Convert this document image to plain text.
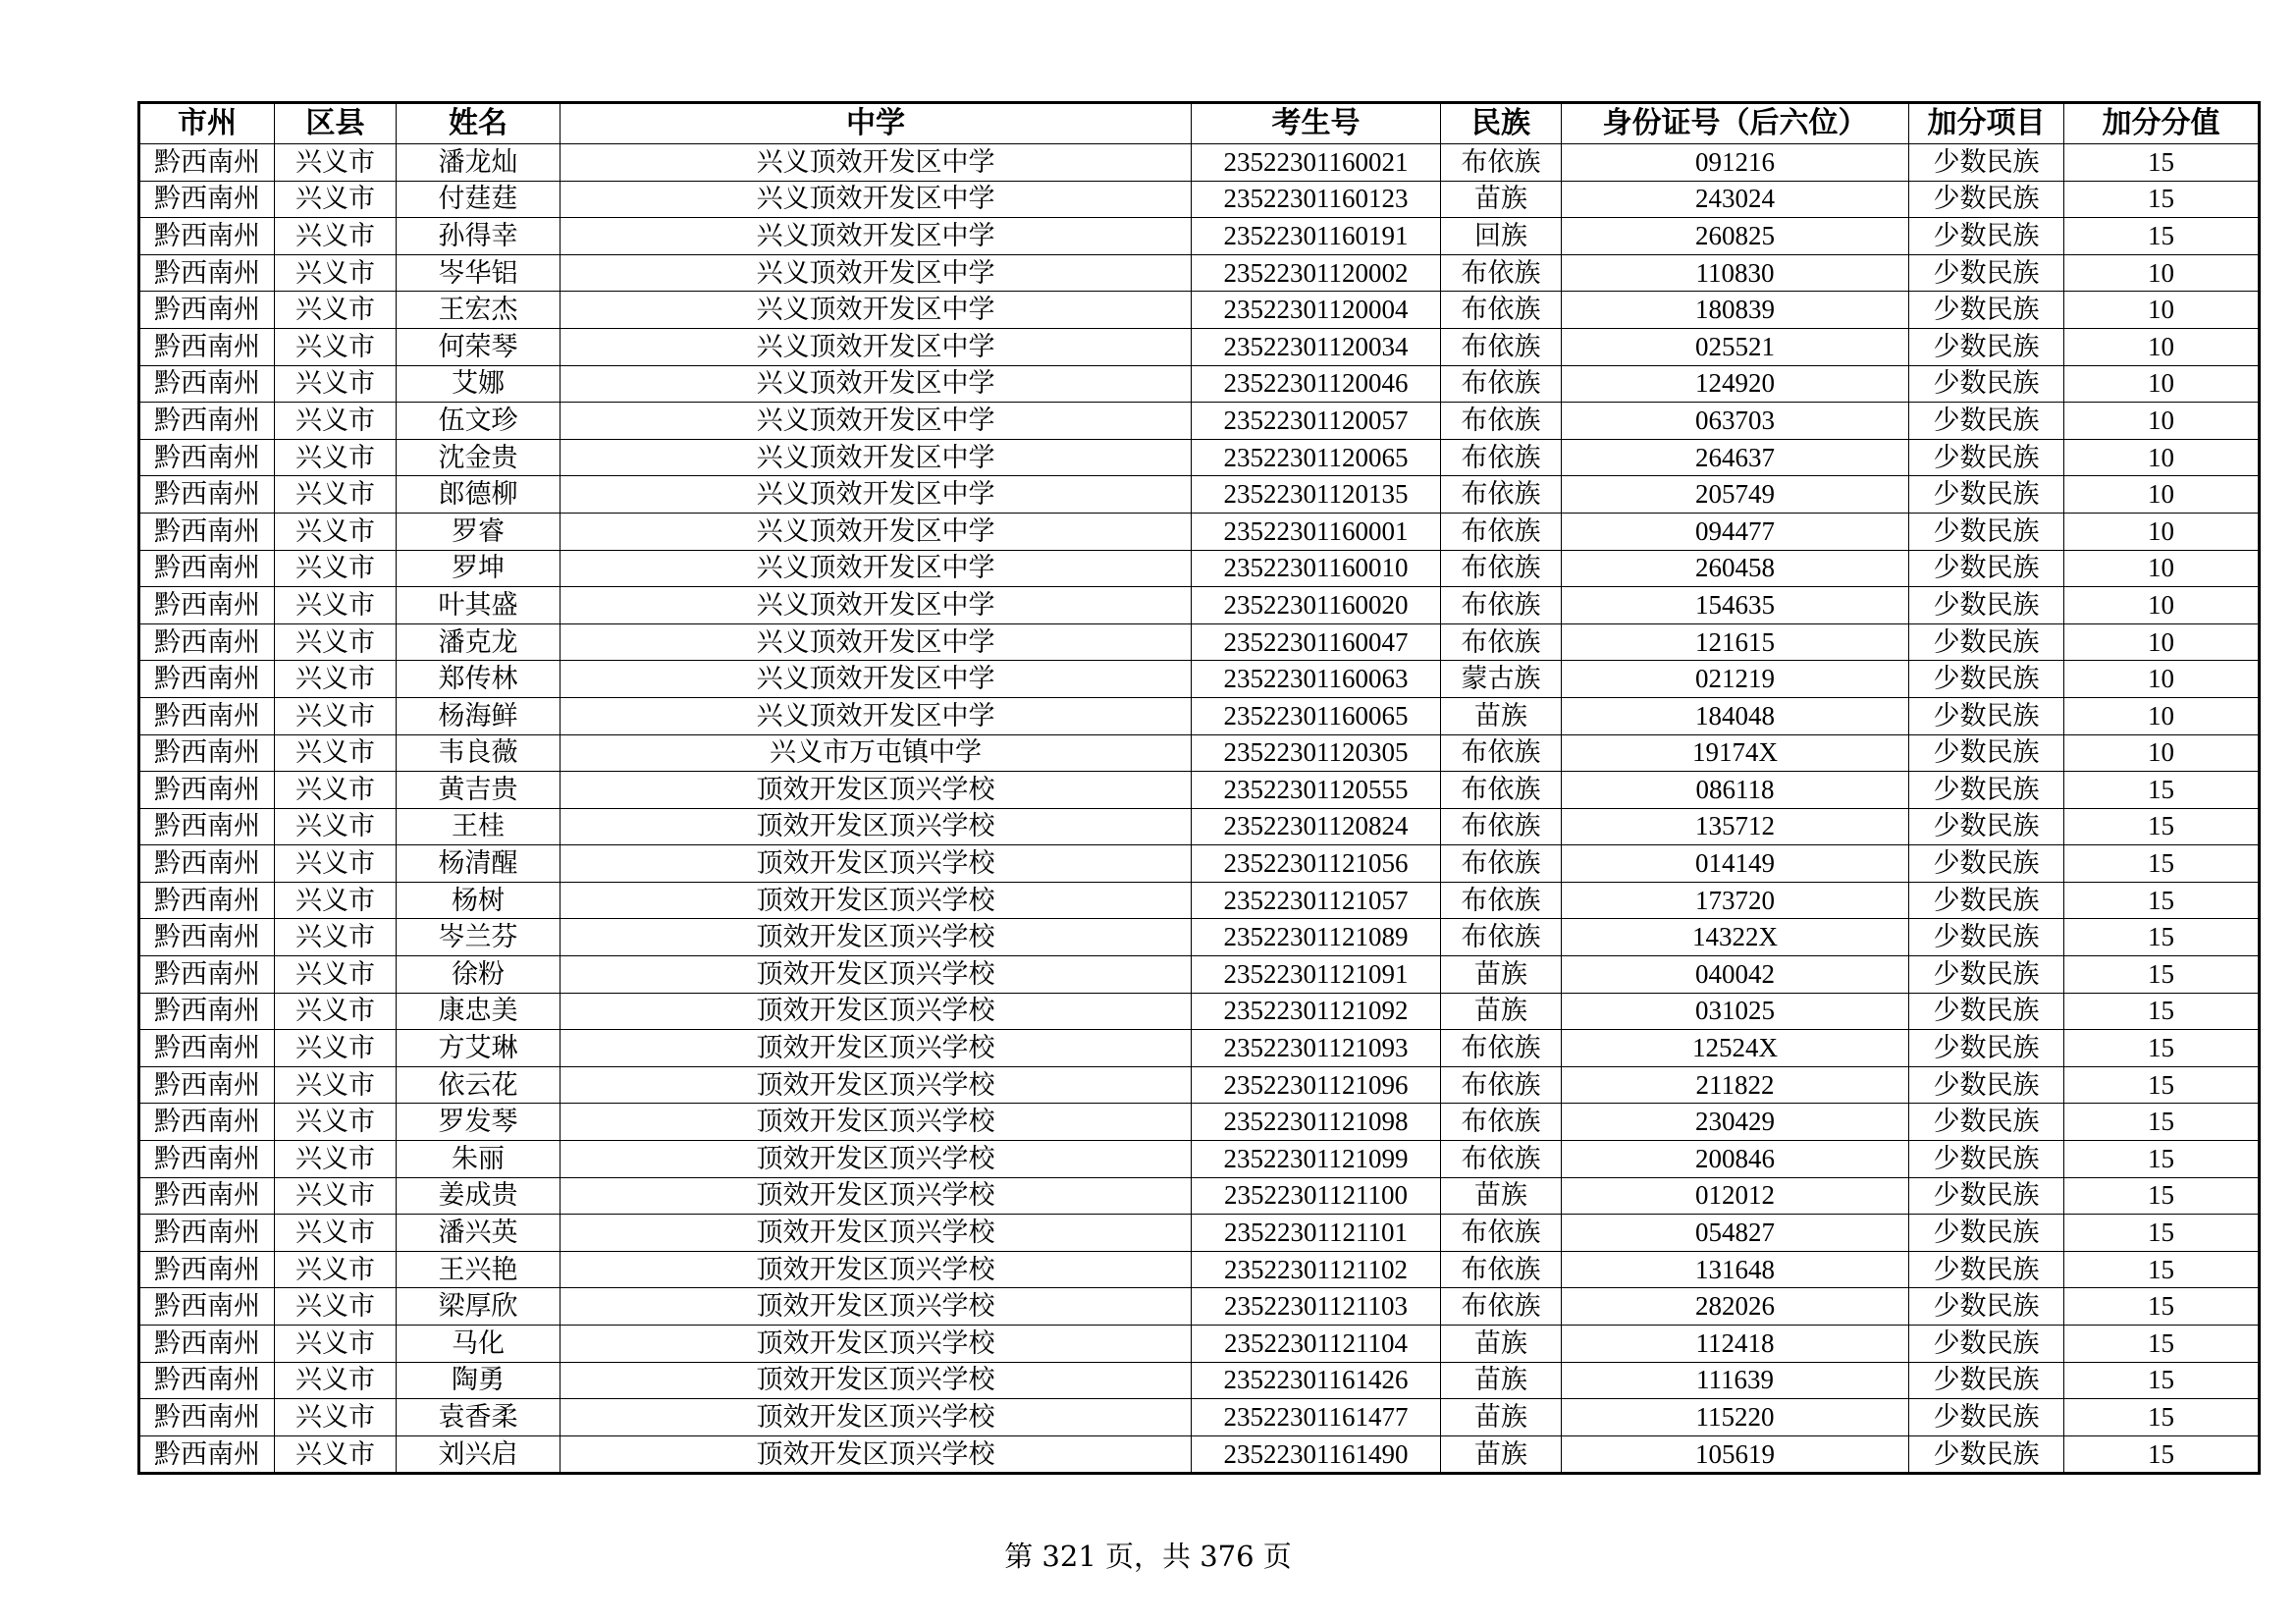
市州	区县	姓名	中学	考生号	民族	身份证号（后六位）	加分项目	加分分值
黔西南州	兴义市	潘龙灿	兴义顶效开发区中学	23522301160021	布依族	091216	少数民族	15
黔西南州	兴义市	付莛莛	兴义顶效开发区中学	23522301160123	苗族	243024	少数民族	15
黔西南州	兴义市	孙得幸	兴义顶效开发区中学	23522301160191	回族	260825	少数民族	15
黔西南州	兴义市	岑华铝	兴义顶效开发区中学	23522301120002	布依族	110830	少数民族	10
黔西南州	兴义市	王宏杰	兴义顶效开发区中学	23522301120004	布依族	180839	少数民族	10
黔西南州	兴义市	何荣琴	兴义顶效开发区中学	23522301120034	布依族	025521	少数民族	10
黔西南州	兴义市	艾娜	兴义顶效开发区中学	23522301120046	布依族	124920	少数民族	10
黔西南州	兴义市	伍文珍	兴义顶效开发区中学	23522301120057	布依族	063703	少数民族	10
黔西南州	兴义市	沈金贵	兴义顶效开发区中学	23522301120065	布依族	264637	少数民族	10
黔西南州	兴义市	郎德柳	兴义顶效开发区中学	23522301120135	布依族	205749	少数民族	10
黔西南州	兴义市	罗睿	兴义顶效开发区中学	23522301160001	布依族	094477	少数民族	10
黔西南州	兴义市	罗坤	兴义顶效开发区中学	23522301160010	布依族	260458	少数民族	10
黔西南州	兴义市	叶其盛	兴义顶效开发区中学	23522301160020	布依族	154635	少数民族	10
黔西南州	兴义市	潘克龙	兴义顶效开发区中学	23522301160047	布依族	121615	少数民族	10
黔西南州	兴义市	郑传林	兴义顶效开发区中学	23522301160063	蒙古族	021219	少数民族	10
黔西南州	兴义市	杨海鲜	兴义顶效开发区中学	23522301160065	苗族	184048	少数民族	10
黔西南州	兴义市	韦良薇	兴义市万屯镇中学	23522301120305	布依族	19174X	少数民族	10
黔西南州	兴义市	黄吉贵	顶效开发区顶兴学校	23522301120555	布依族	086118	少数民族	15
黔西南州	兴义市	王桂	顶效开发区顶兴学校	23522301120824	布依族	135712	少数民族	15
黔西南州	兴义市	杨清醒	顶效开发区顶兴学校	23522301121056	布依族	014149	少数民族	15
黔西南州	兴义市	杨树	顶效开发区顶兴学校	23522301121057	布依族	173720	少数民族	15
黔西南州	兴义市	岑兰芬	顶效开发区顶兴学校	23522301121089	布依族	14322X	少数民族	15
黔西南州	兴义市	徐粉	顶效开发区顶兴学校	23522301121091	苗族	040042	少数民族	15
黔西南州	兴义市	康忠美	顶效开发区顶兴学校	23522301121092	苗族	031025	少数民族	15
黔西南州	兴义市	方艾琳	顶效开发区顶兴学校	23522301121093	布依族	12524X	少数民族	15
黔西南州	兴义市	依云花	顶效开发区顶兴学校	23522301121096	布依族	211822	少数民族	15
黔西南州	兴义市	罗发琴	顶效开发区顶兴学校	23522301121098	布依族	230429	少数民族	15
黔西南州	兴义市	朱丽	顶效开发区顶兴学校	23522301121099	布依族	200846	少数民族	15
黔西南州	兴义市	姜成贵	顶效开发区顶兴学校	23522301121100	苗族	012012	少数民族	15
黔西南州	兴义市	潘兴英	顶效开发区顶兴学校	23522301121101	布依族	054827	少数民族	15
黔西南州	兴义市	王兴艳	顶效开发区顶兴学校	23522301121102	布依族	131648	少数民族	15
黔西南州	兴义市	梁厚欣	顶效开发区顶兴学校	23522301121103	布依族	282026	少数民族	15
黔西南州	兴义市	马化	顶效开发区顶兴学校	23522301121104	苗族	112418	少数民族	15
黔西南州	兴义市	陶勇	顶效开发区顶兴学校	23522301161426	苗族	111639	少数民族	15
黔西南州	兴义市	袁香柔	顶效开发区顶兴学校	23522301161477	苗族	115220	少数民族	15
黔西南州	兴义市	刘兴启	顶效开发区顶兴学校	23522301161490	苗族	105619	少数民族	15
第 321 页，共 376 页
